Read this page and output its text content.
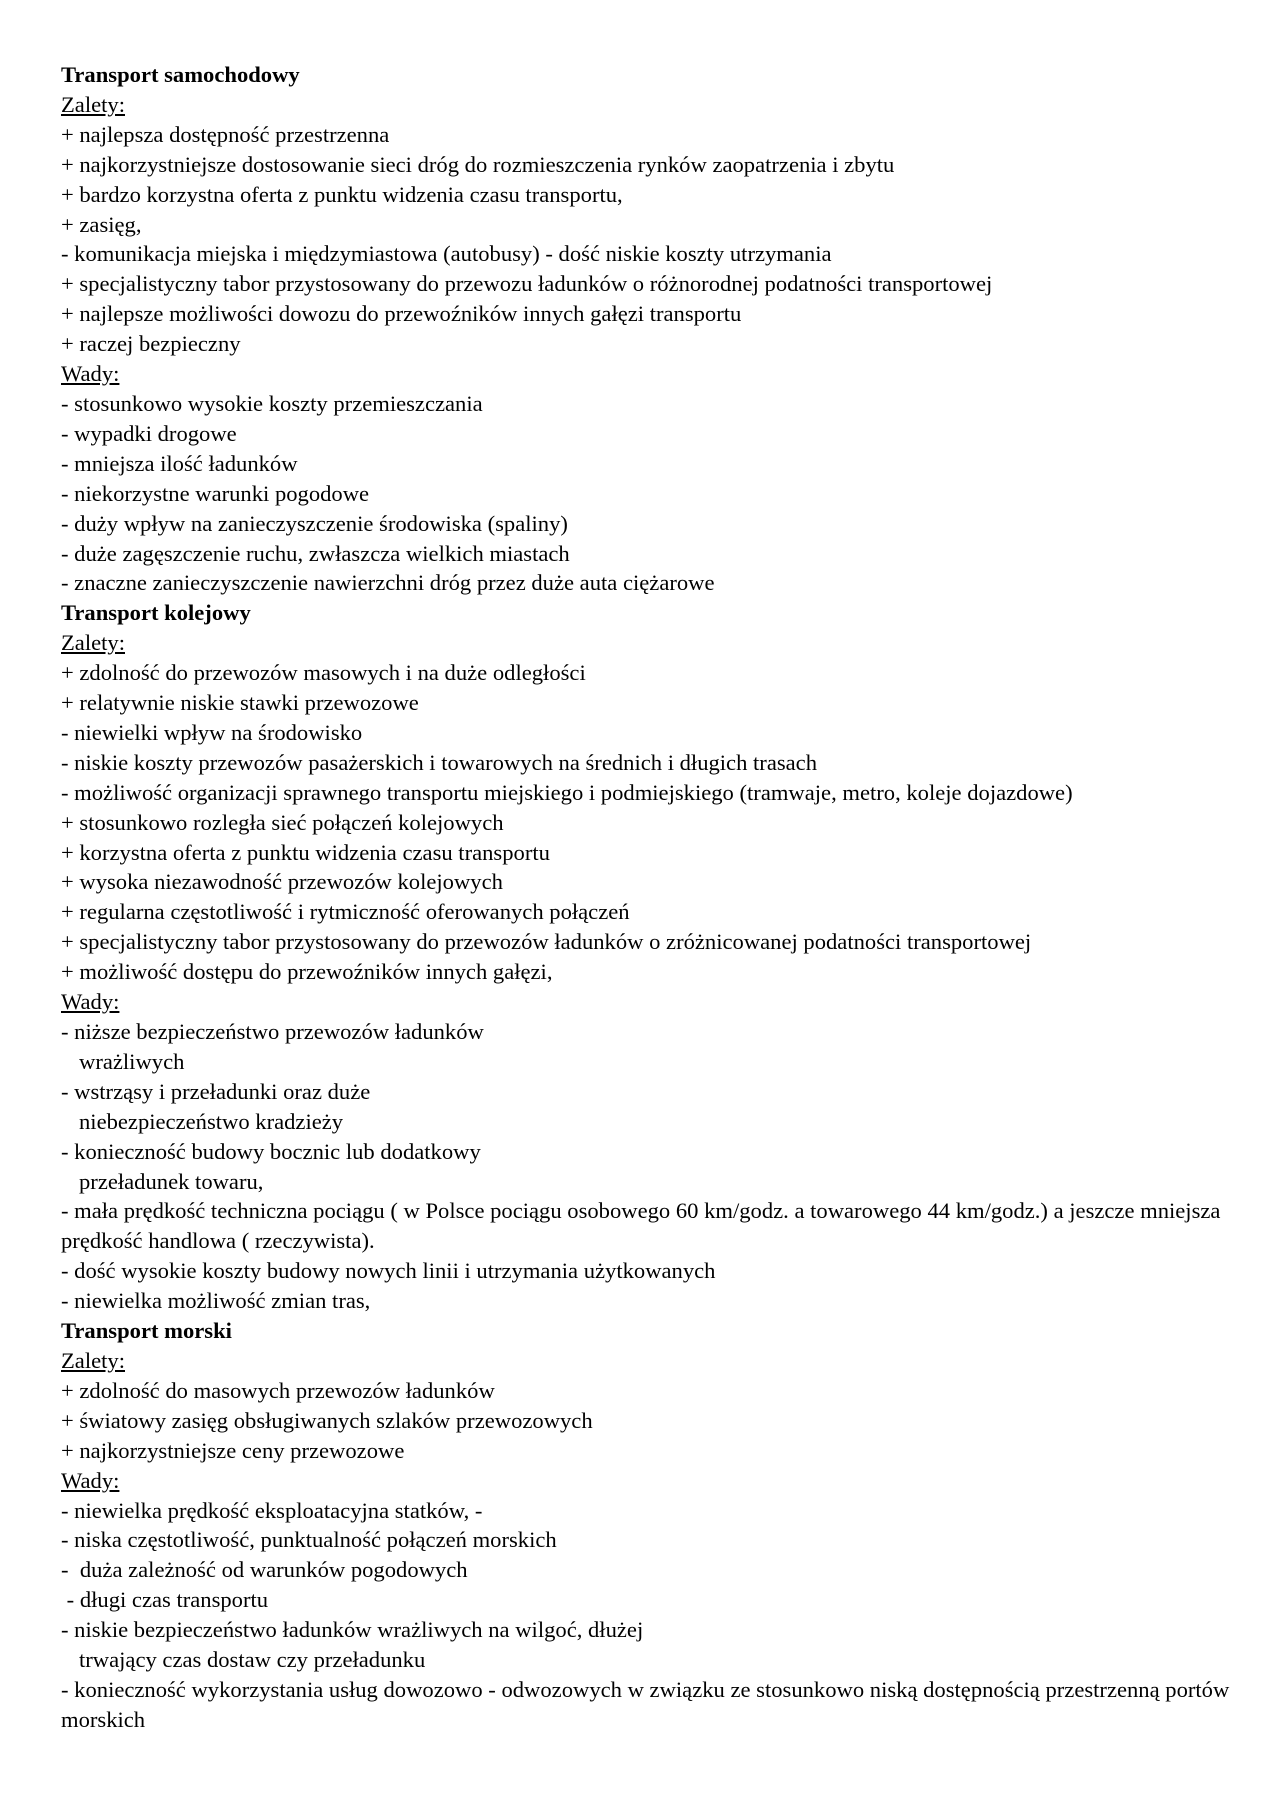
Transport samochodowy
Zalety:
+ najlepsza dostępność przestrzenna
+ najkorzystniejsze dostosowanie sieci dróg do rozmieszczenia rynków zaopatrzenia i zbytu
+ bardzo korzystna oferta z punktu widzenia czasu transportu,
+ zasięg,
- komunikacja miejska i międzymiastowa (autobusy) - dość niskie koszty utrzymania
+ specjalistyczny tabor przystosowany do przewozu ładunków o różnorodnej podatności transportowej
+ najlepsze możliwości dowozu do przewoźników innych gałęzi transportu
+ raczej bezpieczny
Wady:
- stosunkowo wysokie koszty przemieszczania
- wypadki drogowe
- mniejsza ilość ładunków
- niekorzystne warunki pogodowe
- duży wpływ na zanieczyszczenie środowiska (spaliny)
- duże zagęszczenie ruchu, zwłaszcza wielkich miastach
- znaczne zanieczyszczenie nawierzchni dróg przez duże auta ciężarowe
Transport kolejowy
Zalety:
+ zdolność do przewozów masowych i na duże odległości
+ relatywnie niskie stawki przewozowe
- niewielki wpływ na środowisko
- niskie koszty przewozów pasażerskich i towarowych na średnich i długich trasach
- możliwość organizacji sprawnego transportu miejskiego i podmiejskiego (tramwaje, metro, koleje dojazdowe)
+ stosunkowo rozległa sieć połączeń kolejowych
+ korzystna oferta z punktu widzenia czasu transportu
+ wysoka niezawodność przewozów kolejowych
+ regularna częstotliwość i rytmiczność oferowanych połączeń
+ specjalistyczny tabor przystosowany do przewozów ładunków o zróżnicowanej podatności transportowej
+ możliwość dostępu do przewoźników innych gałęzi,
Wady:
- niższe bezpieczeństwo przewozów ładunków
wrażliwych
- wstrząsy i przeładunki oraz duże
niebezpieczeństwo kradzieży
- konieczność budowy bocznic lub dodatkowy
przeładunek towaru,
- mała prędkość techniczna pociągu ( w Polsce pociągu osobowego 60 km/godz. a towarowego 44 km/godz.) a jeszcze mniejsza prędkość handlowa ( rzeczywista).
- dość wysokie koszty budowy nowych linii i utrzymania użytkowanych
- niewielka możliwość zmian tras,
Transport morski
Zalety:
+ zdolność do masowych przewozów ładunków
+ światowy zasięg obsługiwanych szlaków przewozowych
+ najkorzystniejsze ceny przewozowe
Wady:
- niewielka prędkość eksploatacyjna statków, -
- niska częstotliwość, punktualność połączeń morskich
-  duża zależność od warunków pogodowych
- długi czas transportu
- niskie bezpieczeństwo ładunków wrażliwych na wilgoć, dłużej
trwający czas dostaw czy przeładunku
- konieczność wykorzystania usług dowozowo - odwozowych w związku ze stosunkowo niską dostępnością przestrzenną portów morskich
